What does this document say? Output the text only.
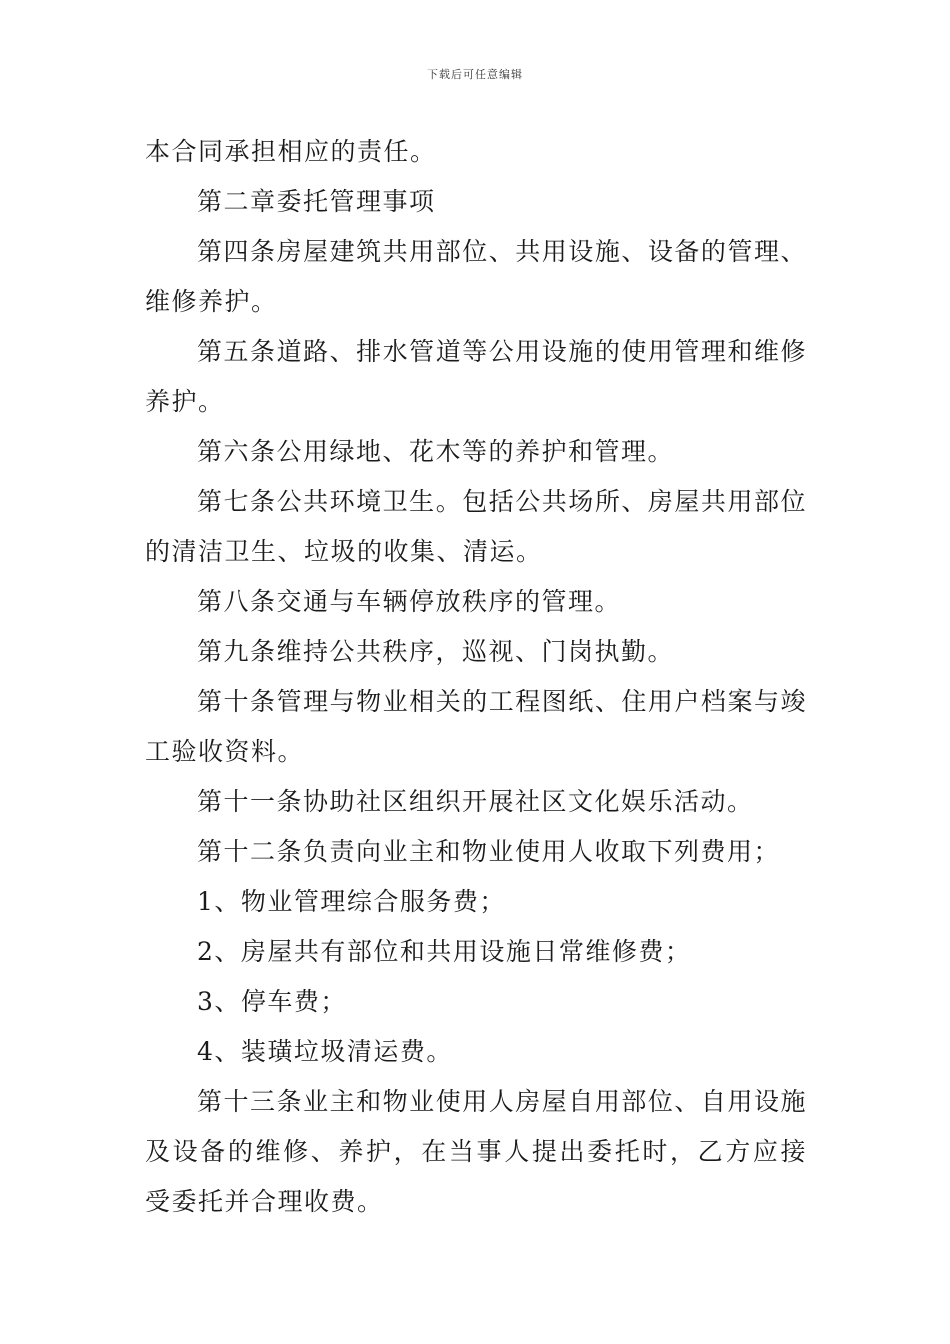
下载后可任意编辑

本合同承担相应的责任。

第二章委托管理事项

第四条房屋建筑共用部位、共用设施、设备的管理、维修养护。

第五条道路、排水管道等公用设施的使用管理和维修养护。

第六条公用绿地、花木等的养护和管理。

第七条公共环境卫生。包括公共场所、房屋共用部位的清洁卫生、垃圾的收集、清运。

第八条交通与车辆停放秩序的管理。

第九条维持公共秩序，巡视、门岗执勤。

第十条管理与物业相关的工程图纸、住用户档案与竣工验收资料。

第十一条协助社区组织开展社区文化娱乐活动。

第十二条负责向业主和物业使用人收取下列费用；

1、物业管理综合服务费；

2、房屋共有部位和共用设施日常维修费；

3、停车费；

4、装璜垃圾清运费。

第十三条业主和物业使用人房屋自用部位、自用设施及设备的维修、养护，在当事人提出委托时，乙方应接受委托并合理收费。
